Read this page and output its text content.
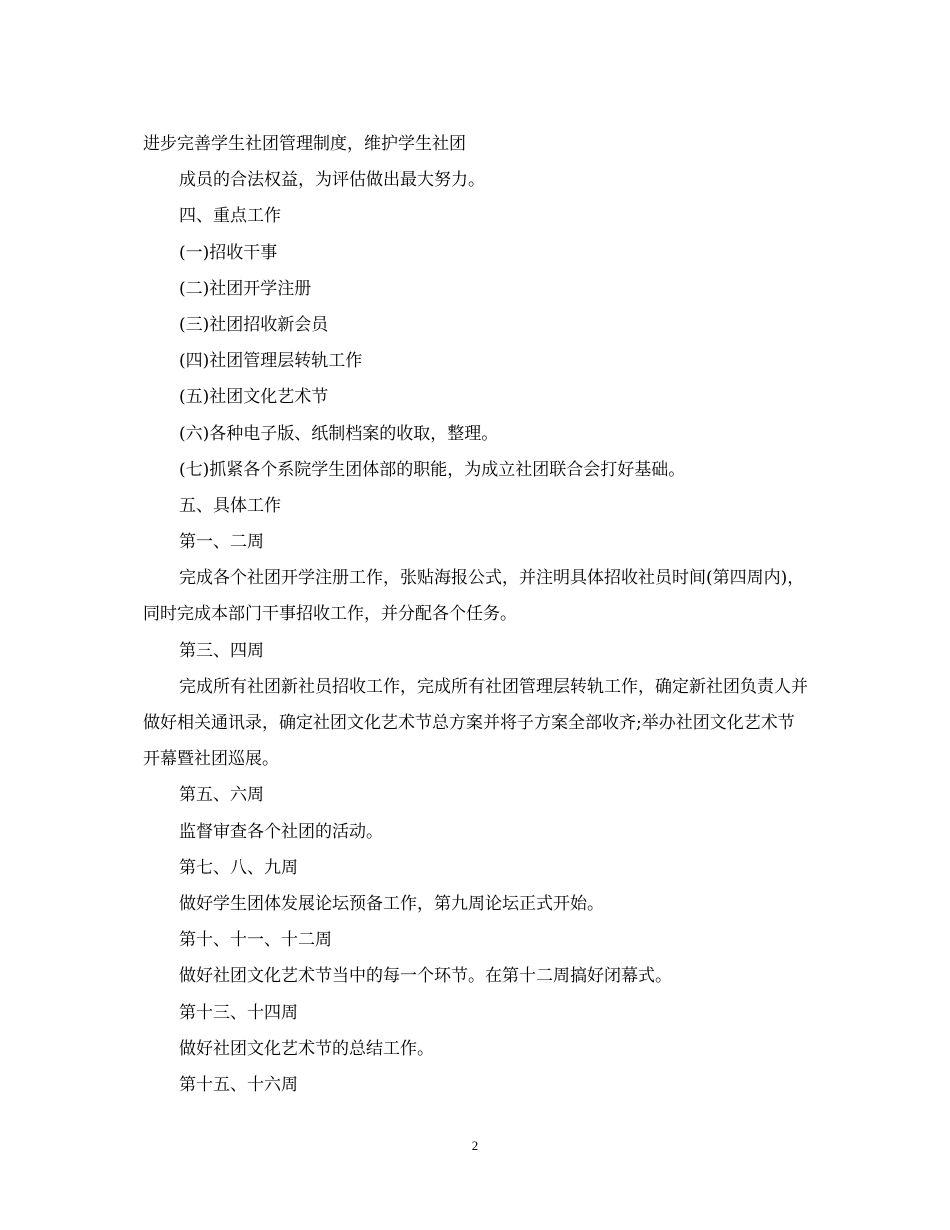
进步完善学生社团管理制度，维护学生社团

成员的合法权益，为评估做出最大努力。

四、重点工作

(一)招收干事

(二)社团开学注册

(三)社团招收新会员

(四)社团管理层转轨工作

(五)社团文化艺术节

(六)各种电子版、纸制档案的收取，整理。

(七)抓紧各个系院学生团体部的职能，为成立社团联合会打好基础。

五、具体工作

第一、二周

完成各个社团开学注册工作，张贴海报公式，并注明具体招收社员时间(第四周内)，同时完成本部门干事招收工作，并分配各个任务。

第三、四周

完成所有社团新社员招收工作，完成所有社团管理层转轨工作，确定新社团负责人并做好相关通讯录，确定社团文化艺术节总方案并将子方案全部收齐;举办社团文化艺术节开幕暨社团巡展。

第五、六周

监督审查各个社团的活动。

第七、八、九周

做好学生团体发展论坛预备工作，第九周论坛正式开始。

第十、十一、十二周

做好社团文化艺术节当中的每一个环节。在第十二周搞好闭幕式。

第十三、十四周

做好社团文化艺术节的总结工作。

第十五、十六周

2
